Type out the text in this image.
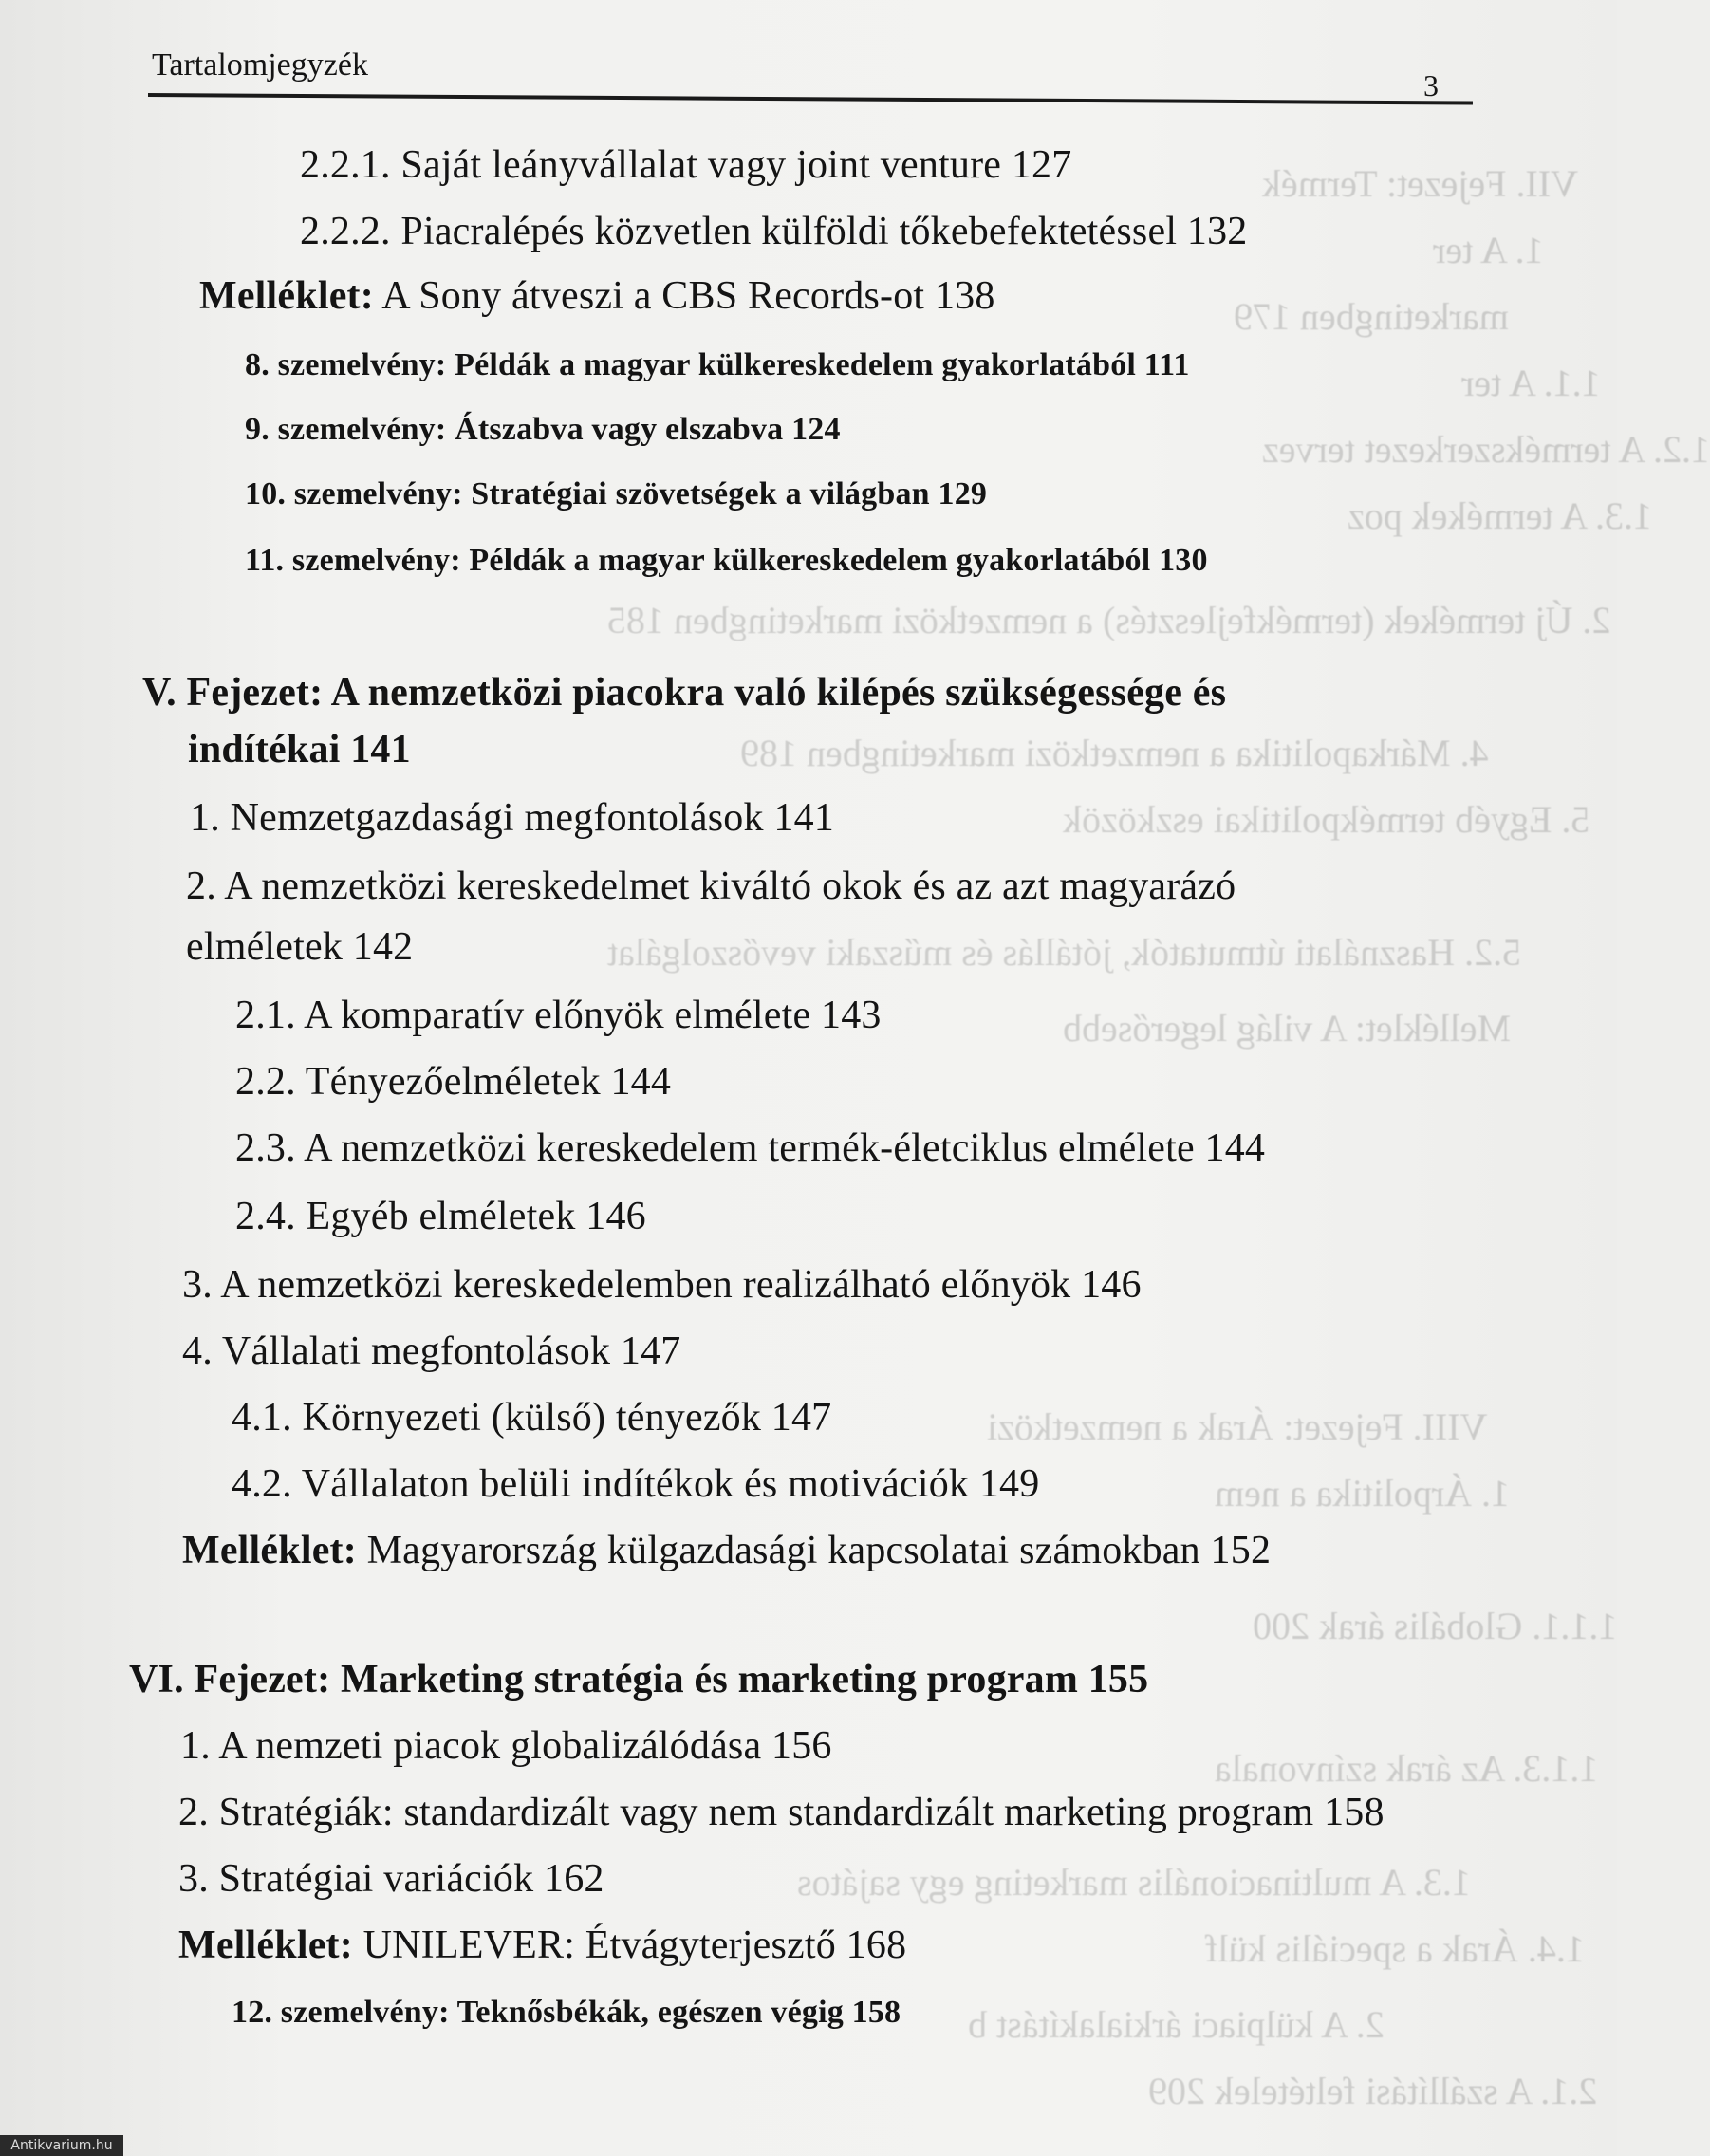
VII. Fejezet: Termék
1. A ter
marketingben 179
1.1. A ter
1.2. A termékszerkezet tervez
1.3. A termékek poz
2. Új termékek (termékfejlesztés) a nemzetközi marketingben 185
4. Márkapolitika a nemzetközi marketingben 189
5. Egyéb termékpolitikai eszközök
5.2. Használati útmutatók, jótállás és műszaki vevőszolgálat
Melléklet: A világ legerősebb
VIII. Fejezet: Árak a nemzetközi
1. Árpolitika a nem
1.1.1. Globális árak 200
1.1.3. Az árak színvonala
1.3. A multinacionális marketing egy sajátos
1.4. Árak a speciális külf
2. A külpiaci árkialakítást b
2.1. A szállítási feltételek 209
Tartalomjegyzék
3
2.2.1. Saját leányvállalat vagy joint venture 127
2.2.2. Piacralépés közvetlen külföldi tőkebefektetéssel 132
Melléklet: A Sony átveszi a CBS Records-ot 138
8. szemelvény: Példák a magyar külkereskedelem gyakorlatából 111
9. szemelvény: Átszabva vagy elszabva 124
10. szemelvény: Stratégiai szövetségek a világban 129
11. szemelvény: Példák a magyar külkereskedelem gyakorlatából 130
V. Fejezet: A nemzetközi piacokra való kilépés szükségessége és
indítékai 141
1. Nemzetgazdasági megfontolások 141
2. A nemzetközi kereskedelmet kiváltó okok és az azt magyarázó
elméletek 142
2.1. A komparatív előnyök elmélete 143
2.2. Tényezőelméletek 144
2.3. A nemzetközi kereskedelem termék-életciklus elmélete 144
2.4. Egyéb elméletek 146
3. A nemzetközi kereskedelemben realizálható előnyök 146
4. Vállalati megfontolások 147
4.1. Környezeti (külső) tényezők 147
4.2. Vállalaton belüli indítékok és motivációk 149
Melléklet: Magyarország külgazdasági kapcsolatai számokban 152
VI. Fejezet: Marketing stratégia és marketing program 155
1. A nemzeti piacok globalizálódása 156
2. Stratégiák: standardizált vagy nem standardizált marketing program 158
3. Stratégiai variációk 162
Melléklet: UNILEVER: Étvágyterjesztő 168
12. szemelvény: Teknősbékák, egészen végig 158
Antikvarium.hu
